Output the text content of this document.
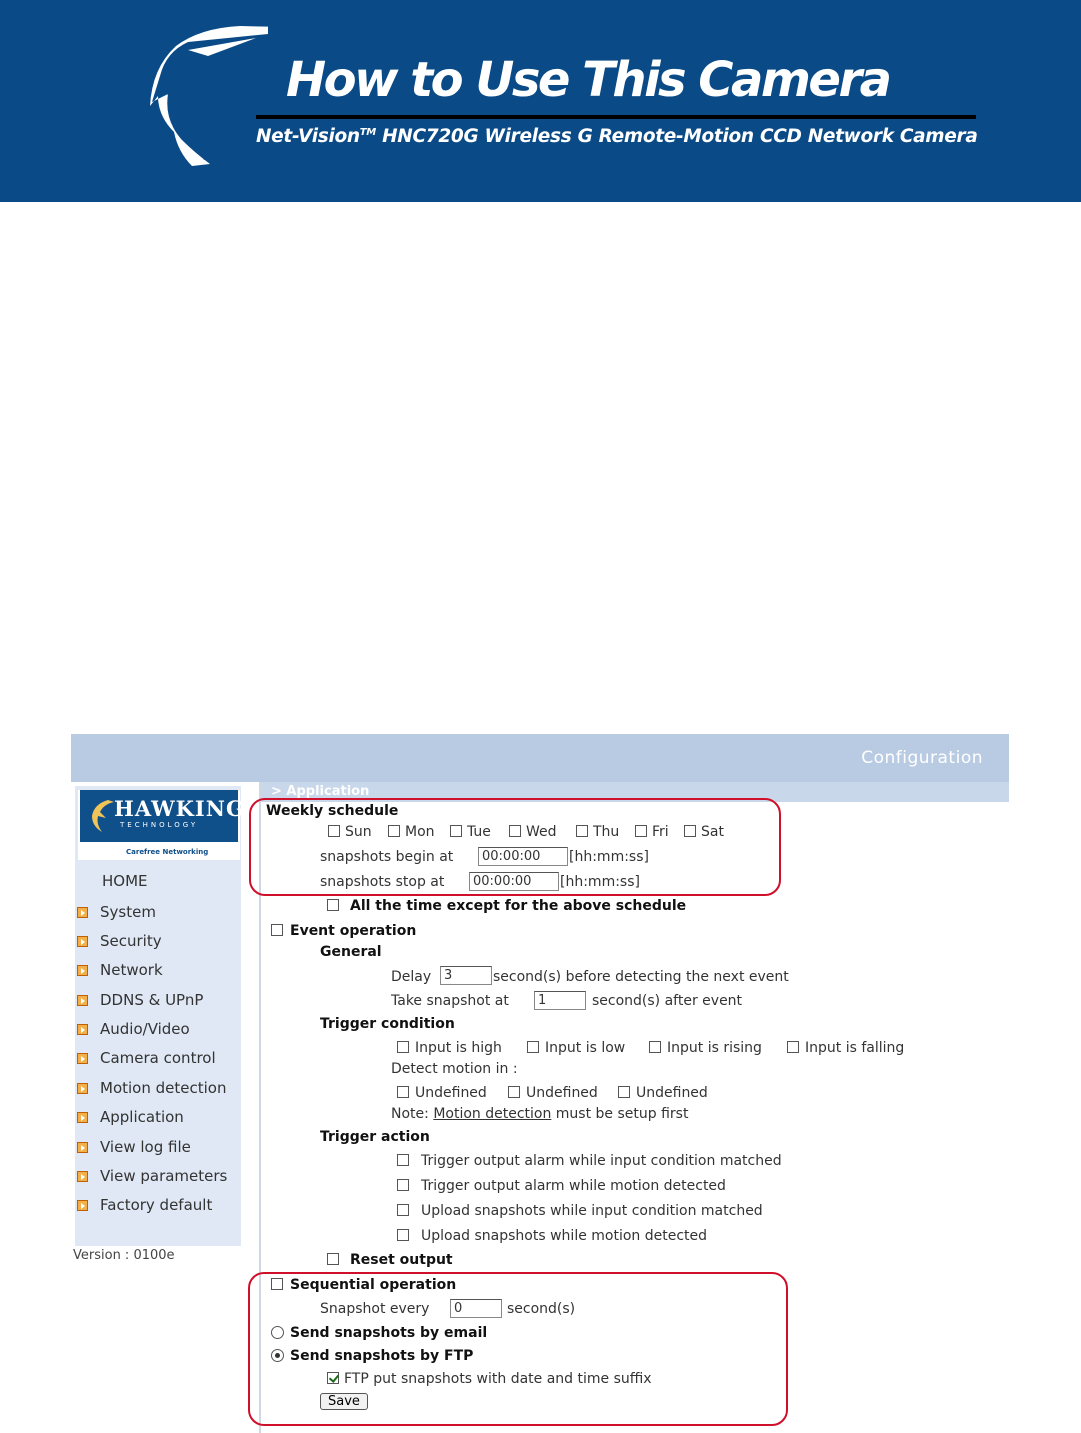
How to Use This Camera
Net-Vision™ HNC720G Wireless G Remote-Motion CCD Network Camera
Configuration
HAWKING
TECHNOLOGY
Carefree Networking
HOME
System
Security
Network
DDNS & UPnP
Audio/Video
Camera control
Motion detection
Application
View log file
View parameters
Factory default
Version : 0100e
> Application
Weekly schedule
Sun Mon Tue	Wed	Thu Fri Sat
snapshots begin at
00:00:00	[hh:mm:ss]
snapshots stop at
00:00:00	[hh:mm:ss]
All the time except for the above schedule
Event operation
General
Delay
3	second(s) before detecting the next event
Take snapshot at
1	second(s) after event
Trigger condition
Input is high	Input is low	Input is rising	Input is falling
Detect motion in :
Undefined	Undefined	Undefined
Note: Motion detection must be setup first
Trigger action
Trigger output alarm while input condition matched
Trigger output alarm while motion detected
Upload snapshots while input condition matched
Upload snapshots while motion detected
Reset output
Sequential operation
Snapshot every
0	second(s)
Send snapshots by email
Send snapshots by FTP
FTP put snapshots with date and time suffix
Save
